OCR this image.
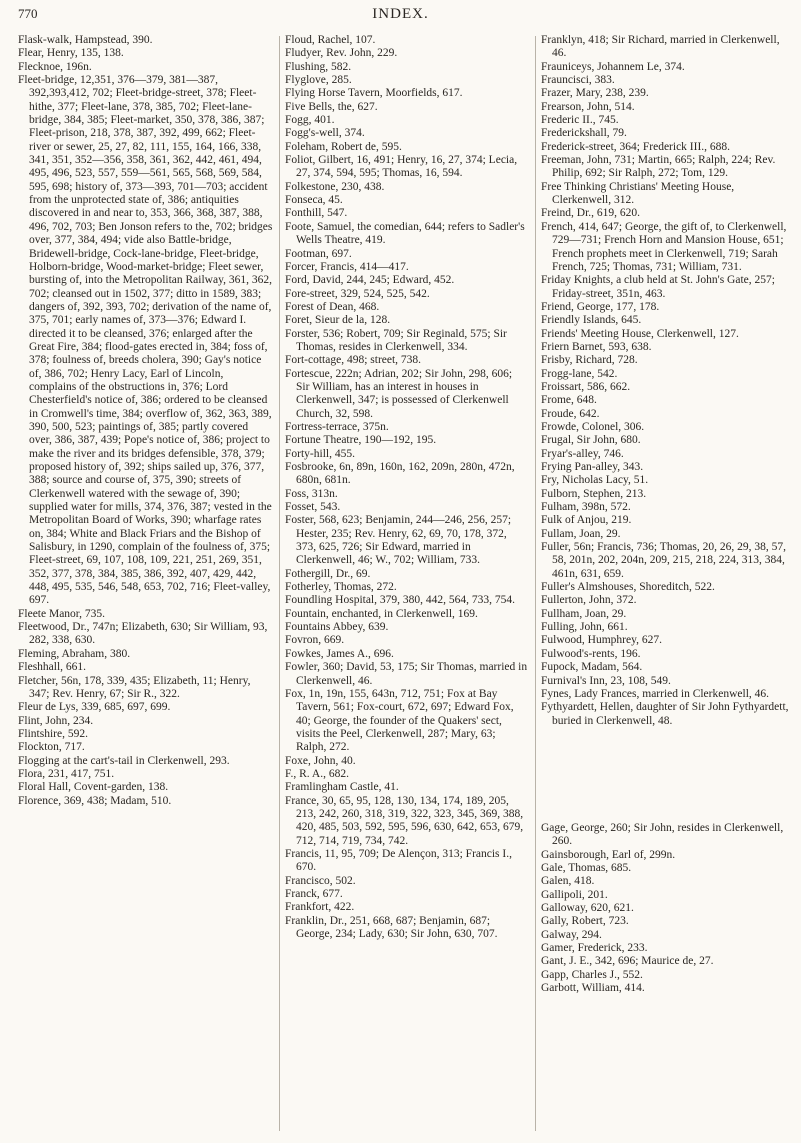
770	INDEX.

Flask-walk, Hampstead, 390.

Flear, Henry, 135, 138.

Flecknoe, 196n.

Fleet-bridge, 12,351, 376—379, 381—387, 392,393,412, 702; Fleet-bridge-street, 378; Fleet-hithe, 377; Fleet-lane, 378, 385, 702; Fleet-lane-bridge, 384, 385; Fleet-market, 350, 378, 386, 387; Fleet-prison, 218, 378, 387, 392, 499, 662; Fleet-river or sewer, 25, 27, 82, 111, 155, 164, 166, 338, 341, 351, 352—356, 358, 361, 362, 442, 461, 494, 495, 496, 523, 557, 559—561, 565, 568, 569, 584, 595, 698; history of, 373—393, 701—703; accident from the unprotected state of, 386; antiquities discovered in and near to, 353, 366, 368, 387, 388, 496, 702, 703; Ben Jonson refers to the, 702; bridges over, 377, 384, 494; vide also Battle-bridge, Bridewell-bridge, Cock-lane-bridge, Fleet-bridge, Holborn-bridge, Wood-market-bridge; Fleet sewer, bursting of, into the Metropolitan Railway, 361, 362, 702; cleansed out in 1502, 377; ditto in 1589, 383; dangers of, 392, 393, 702; derivation of the name of, 375, 701; early names of, 373—376; Edward I. directed it to be cleansed, 376; enlarged after the Great Fire, 384; flood-gates erected in, 384; foss of, 378; foulness of, breeds cholera, 390; Gay's notice of, 386, 702; Henry Lacy, Earl of Lincoln, complains of the obstructions in, 376; Lord Chesterfield's notice of, 386; ordered to be cleansed in Cromwell's time, 384; overflow of, 362, 363, 389, 390, 500, 523; paintings of, 385; partly covered over, 386, 387, 439; Pope's notice of, 386; project to make the river and its bridges defensible, 378, 379; proposed history of, 392; ships sailed up, 376, 377, 388; source and course of, 375, 390; streets of Clerkenwell watered with the sewage of, 390; supplied water for mills, 374, 376, 387; vested in the Metropolitan Board of Works, 390; wharfage rates on, 384; White and Black Friars and the Bishop of Salisbury, in 1290, complain of the foulness of, 375; Fleet-street, 69, 107, 108, 109, 221, 251, 269, 351, 352, 377, 378, 384, 385, 386, 392, 407, 429, 442, 448, 495, 535, 546, 548, 653, 702, 716; Fleet-valley, 697.

Fleete Manor, 735.

Fleetwood, Dr., 747n; Elizabeth, 630; Sir William, 93, 282, 338, 630.

Fleming, Abraham, 380.

Fleshhall, 661.

Fletcher, 56n, 178, 339, 435; Elizabeth, 11; Henry, 347; Rev. Henry, 67; Sir R., 322.

Fleur de Lys, 339, 685, 697, 699.

Flint, John, 234.

Flintshire, 592.

Flockton, 717.

Flogging at the cart's-tail in Clerkenwell, 293.

Flora, 231, 417, 751.

Floral Hall, Covent-garden, 138.

Florence, 369, 438; Madam, 510.

Floud, Rachel, 107.

Fludyer, Rev. John, 229.

Flushing, 582.

Flyglove, 285.

Flying Horse Tavern, Moorfields, 617.

Five Bells, the, 627.

Fogg, 401.

Fogg's-well, 374.

Foleham, Robert de, 595.

Foliot, Gilbert, 16, 491; Henry, 16, 27, 374; Lecia, 27, 374, 594, 595; Thomas, 16, 594.

Folkestone, 230, 438.

Fonseca, 45.

Fonthill, 547.

Foote, Samuel, the comedian, 644; refers to Sadler's Wells Theatre, 419.

Footman, 697.

Forcer, Francis, 414—417.

Ford, David, 244, 245; Edward, 452.

Fore-street, 329, 524, 525, 542.

Forest of Dean, 468.

Foret, Sieur de la, 128.

Forster, 536; Robert, 709; Sir Reginald, 575; Sir Thomas, resides in Clerkenwell, 334.

Fort-cottage, 498; street, 738.

Fortescue, 222n; Adrian, 202; Sir John, 298, 606; Sir William, has an interest in houses in Clerkenwell, 347; is possessed of Clerkenwell Church, 32, 598.

Fortress-terrace, 375n.

Fortune Theatre, 190—192, 195.

Forty-hill, 455.

Fosbrooke, 6n, 89n, 160n, 162, 209n, 280n, 472n, 680n, 681n.

Foss, 313n.

Fosset, 543.

Foster, 568, 623; Benjamin, 244—246, 256, 257; Hester, 235; Rev. Henry, 62, 69, 70, 178, 372, 373, 625, 726; Sir Edward, married in Clerkenwell, 46; W., 702; William, 733.

Fothergill, Dr., 69.

Fotherley, Thomas, 272.

Foundling Hospital, 379, 380, 442, 564, 733, 754.

Fountain, enchanted, in Clerkenwell, 169.

Fountains Abbey, 639.

Fovron, 669.

Fowkes, James A., 696.

Fowler, 360; David, 53, 175; Sir Thomas, married in Clerkenwell, 46.

Fox, 1n, 19n, 155, 643n, 712, 751; Fox at Bay Tavern, 561; Fox-court, 672, 697; Edward Fox, 40; George, the founder of the Quakers' sect, visits the Peel, Clerkenwell, 287; Mary, 63; Ralph, 272.

Foxe, John, 40.

F., R. A., 682.

Framlingham Castle, 41.

France, 30, 65, 95, 128, 130, 134, 174, 189, 205, 213, 242, 260, 318, 319, 322, 323, 345, 369, 388, 420, 485, 503, 592, 595, 596, 630, 642, 653, 679, 712, 714, 719, 734, 742.

Francis, 11, 95, 709; De Alençon, 313; Francis I., 670.

Francisco, 502.

Franck, 677.

Frankfort, 422.

Franklin, Dr., 251, 668, 687; Benjamin, 687; George, 234; Lady, 630; Sir John, 630, 707.

Franklyn, 418; Sir Richard, married in Clerkenwell, 46.

Frauniceys, Johannem Le, 374.

Frauncisci, 383.

Frazer, Mary, 238, 239.

Frearson, John, 514.

Frederic II., 745.

Frederickshall, 79.

Frederick-street, 364; Frederick III., 688.

Freeman, John, 731; Martin, 665; Ralph, 224; Rev. Philip, 692; Sir Ralph, 272; Tom, 129.

Free Thinking Christians' Meeting House, Clerkenwell, 312.

Freind, Dr., 619, 620.

French, 414, 647; George, the gift of, to Clerkenwell, 729—731; French Horn and Mansion House, 651; French prophets meet in Clerkenwell, 719; Sarah French, 725; Thomas, 731; William, 731.

Friday Knights, a club held at St. John's Gate, 257; Friday-street, 351n, 463.

Friend, George, 177, 178.

Friendly Islands, 645.

Friends' Meeting House, Clerkenwell, 127.

Friern Barnet, 593, 638.

Frisby, Richard, 728.

Frogg-lane, 542.

Froissart, 586, 662.

Frome, 648.

Froude, 642.

Frowde, Colonel, 306.

Frugal, Sir John, 680.

Fryar's-alley, 746.

Frying Pan-alley, 343.

Fry, Nicholas Lacy, 51.

Fulborn, Stephen, 213.

Fulham, 398n, 572.

Fulk of Anjou, 219.

Fullam, Joan, 29.

Fuller, 56n; Francis, 736; Thomas, 20, 26, 29, 38, 57, 58, 201n, 202, 204n, 209, 215, 218, 224, 313, 384, 461n, 631, 659.

Fuller's Almshouses, Shoreditch, 522.

Fullerton, John, 372.

Fullham, Joan, 29.

Fulling, John, 661.

Fulwood, Humphrey, 627.

Fulwood's-rents, 196.

Fupock, Madam, 564.

Furnival's Inn, 23, 108, 549.

Fynes, Lady Frances, married in Clerkenwell, 46.

Fythyardett, Hellen, daughter of Sir John Fythyardett, buried in Clerkenwell, 48.

Gage, George, 260; Sir John, resides in Clerkenwell, 260.

Gainsborough, Earl of, 299n.

Gale, Thomas, 685.

Galen, 418.

Gallipoli, 201.

Galloway, 620, 621.

Gally, Robert, 723.

Galway, 294.

Gamer, Frederick, 233.

Gant, J. E., 342, 696; Maurice de, 27.

Gapp, Charles J., 552.

Garbott, William, 414.
